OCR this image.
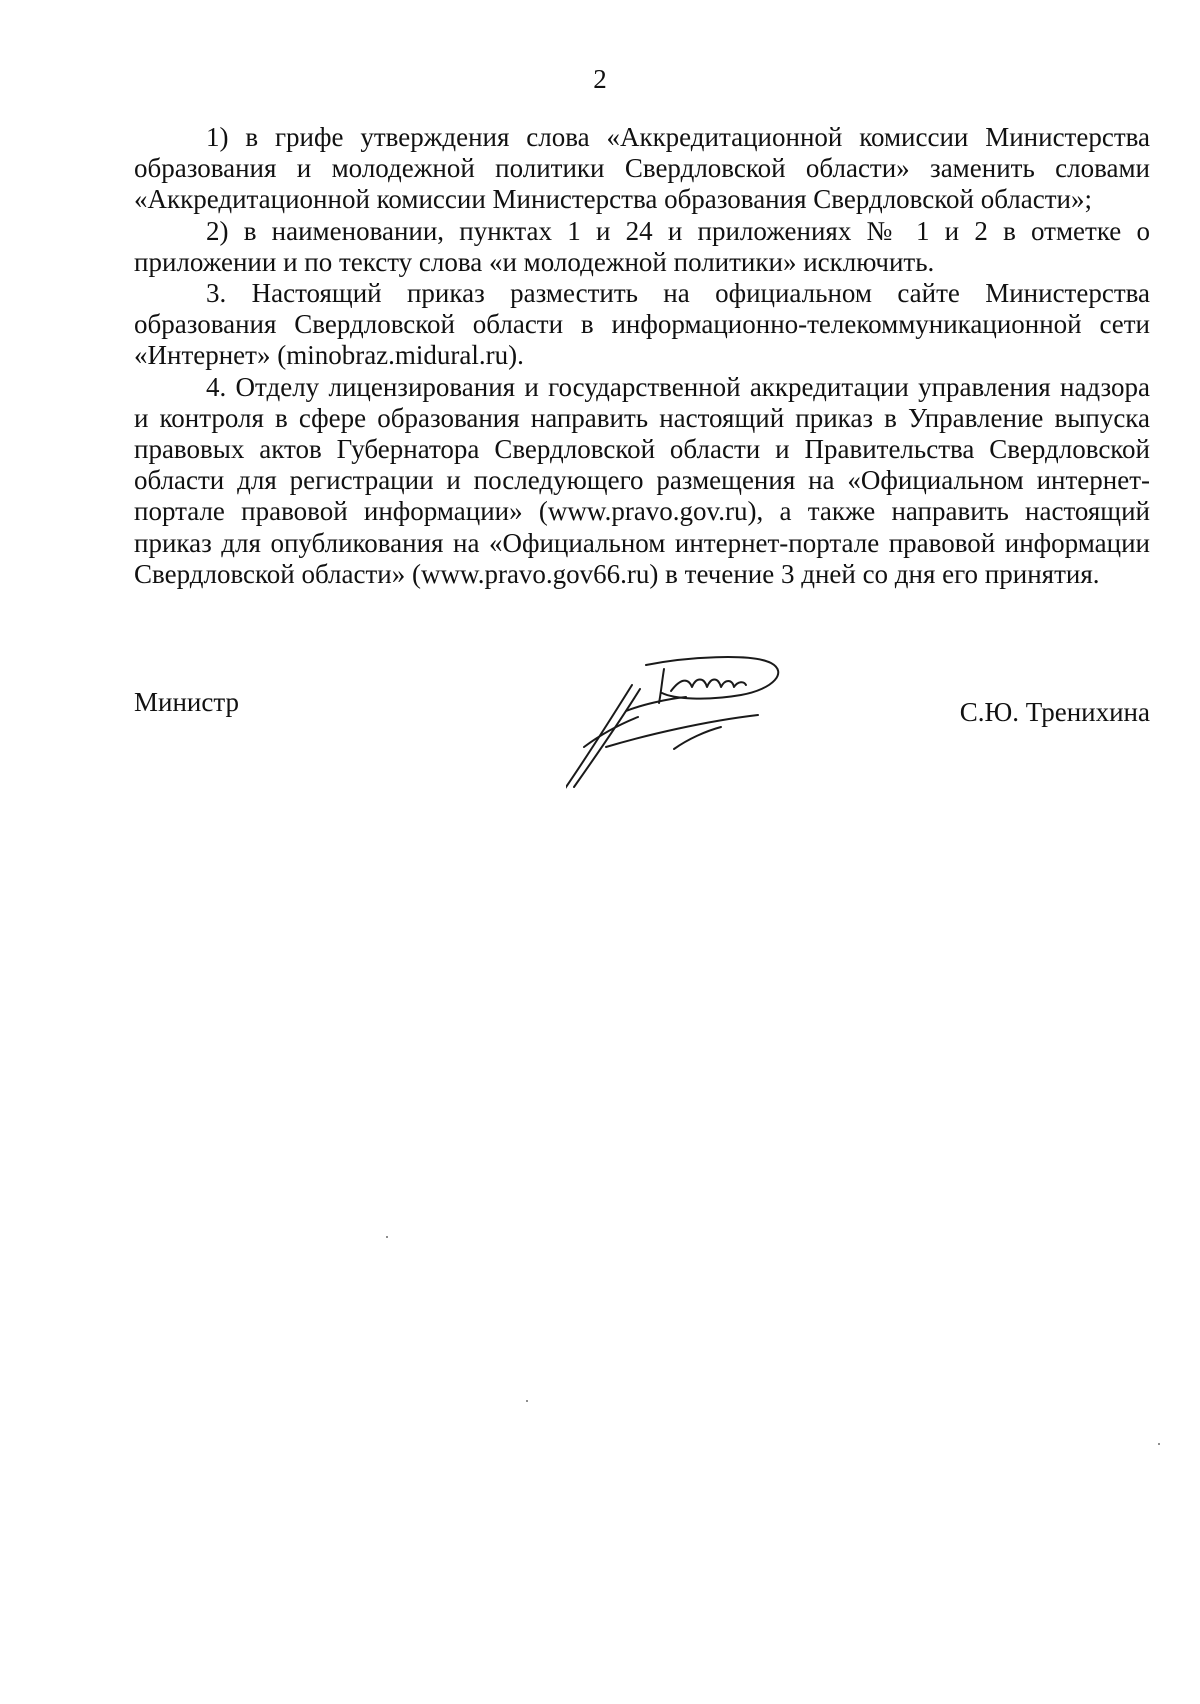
2

1) в грифе утверждения слова «Аккредитационной комиссии Министерства образования и молодежной политики Свердловской области» заменить словами «Аккредитационной комиссии Министерства образования Свердловской области»;

2) в наименовании, пунктах 1 и 24 и приложениях № 1 и 2 в отметке о приложении и по тексту слова «и молодежной политики» исключить.

3. Настоящий приказ разместить на официальном сайте Министерства образования Свердловской области в информационно-телекоммуникационной сети «Интернет» (minobraz.midural.ru).

4. Отделу лицензирования и государственной аккредитации управления надзора и контроля в сфере образования направить настоящий приказ в Управление выпуска правовых актов Губернатора Свердловской области и Правительства Свердловской области для регистрации и последующего размещения на «Официальном интернет-портале правовой информации» (www.pravo.gov.ru), а также направить настоящий приказ для опубликования на «Официальном интернет-портале правовой информации Свердловской области» (www.pravo.gov66.ru) в течение 3 дней со дня его принятия.

Министр	С.Ю. Тренихина
